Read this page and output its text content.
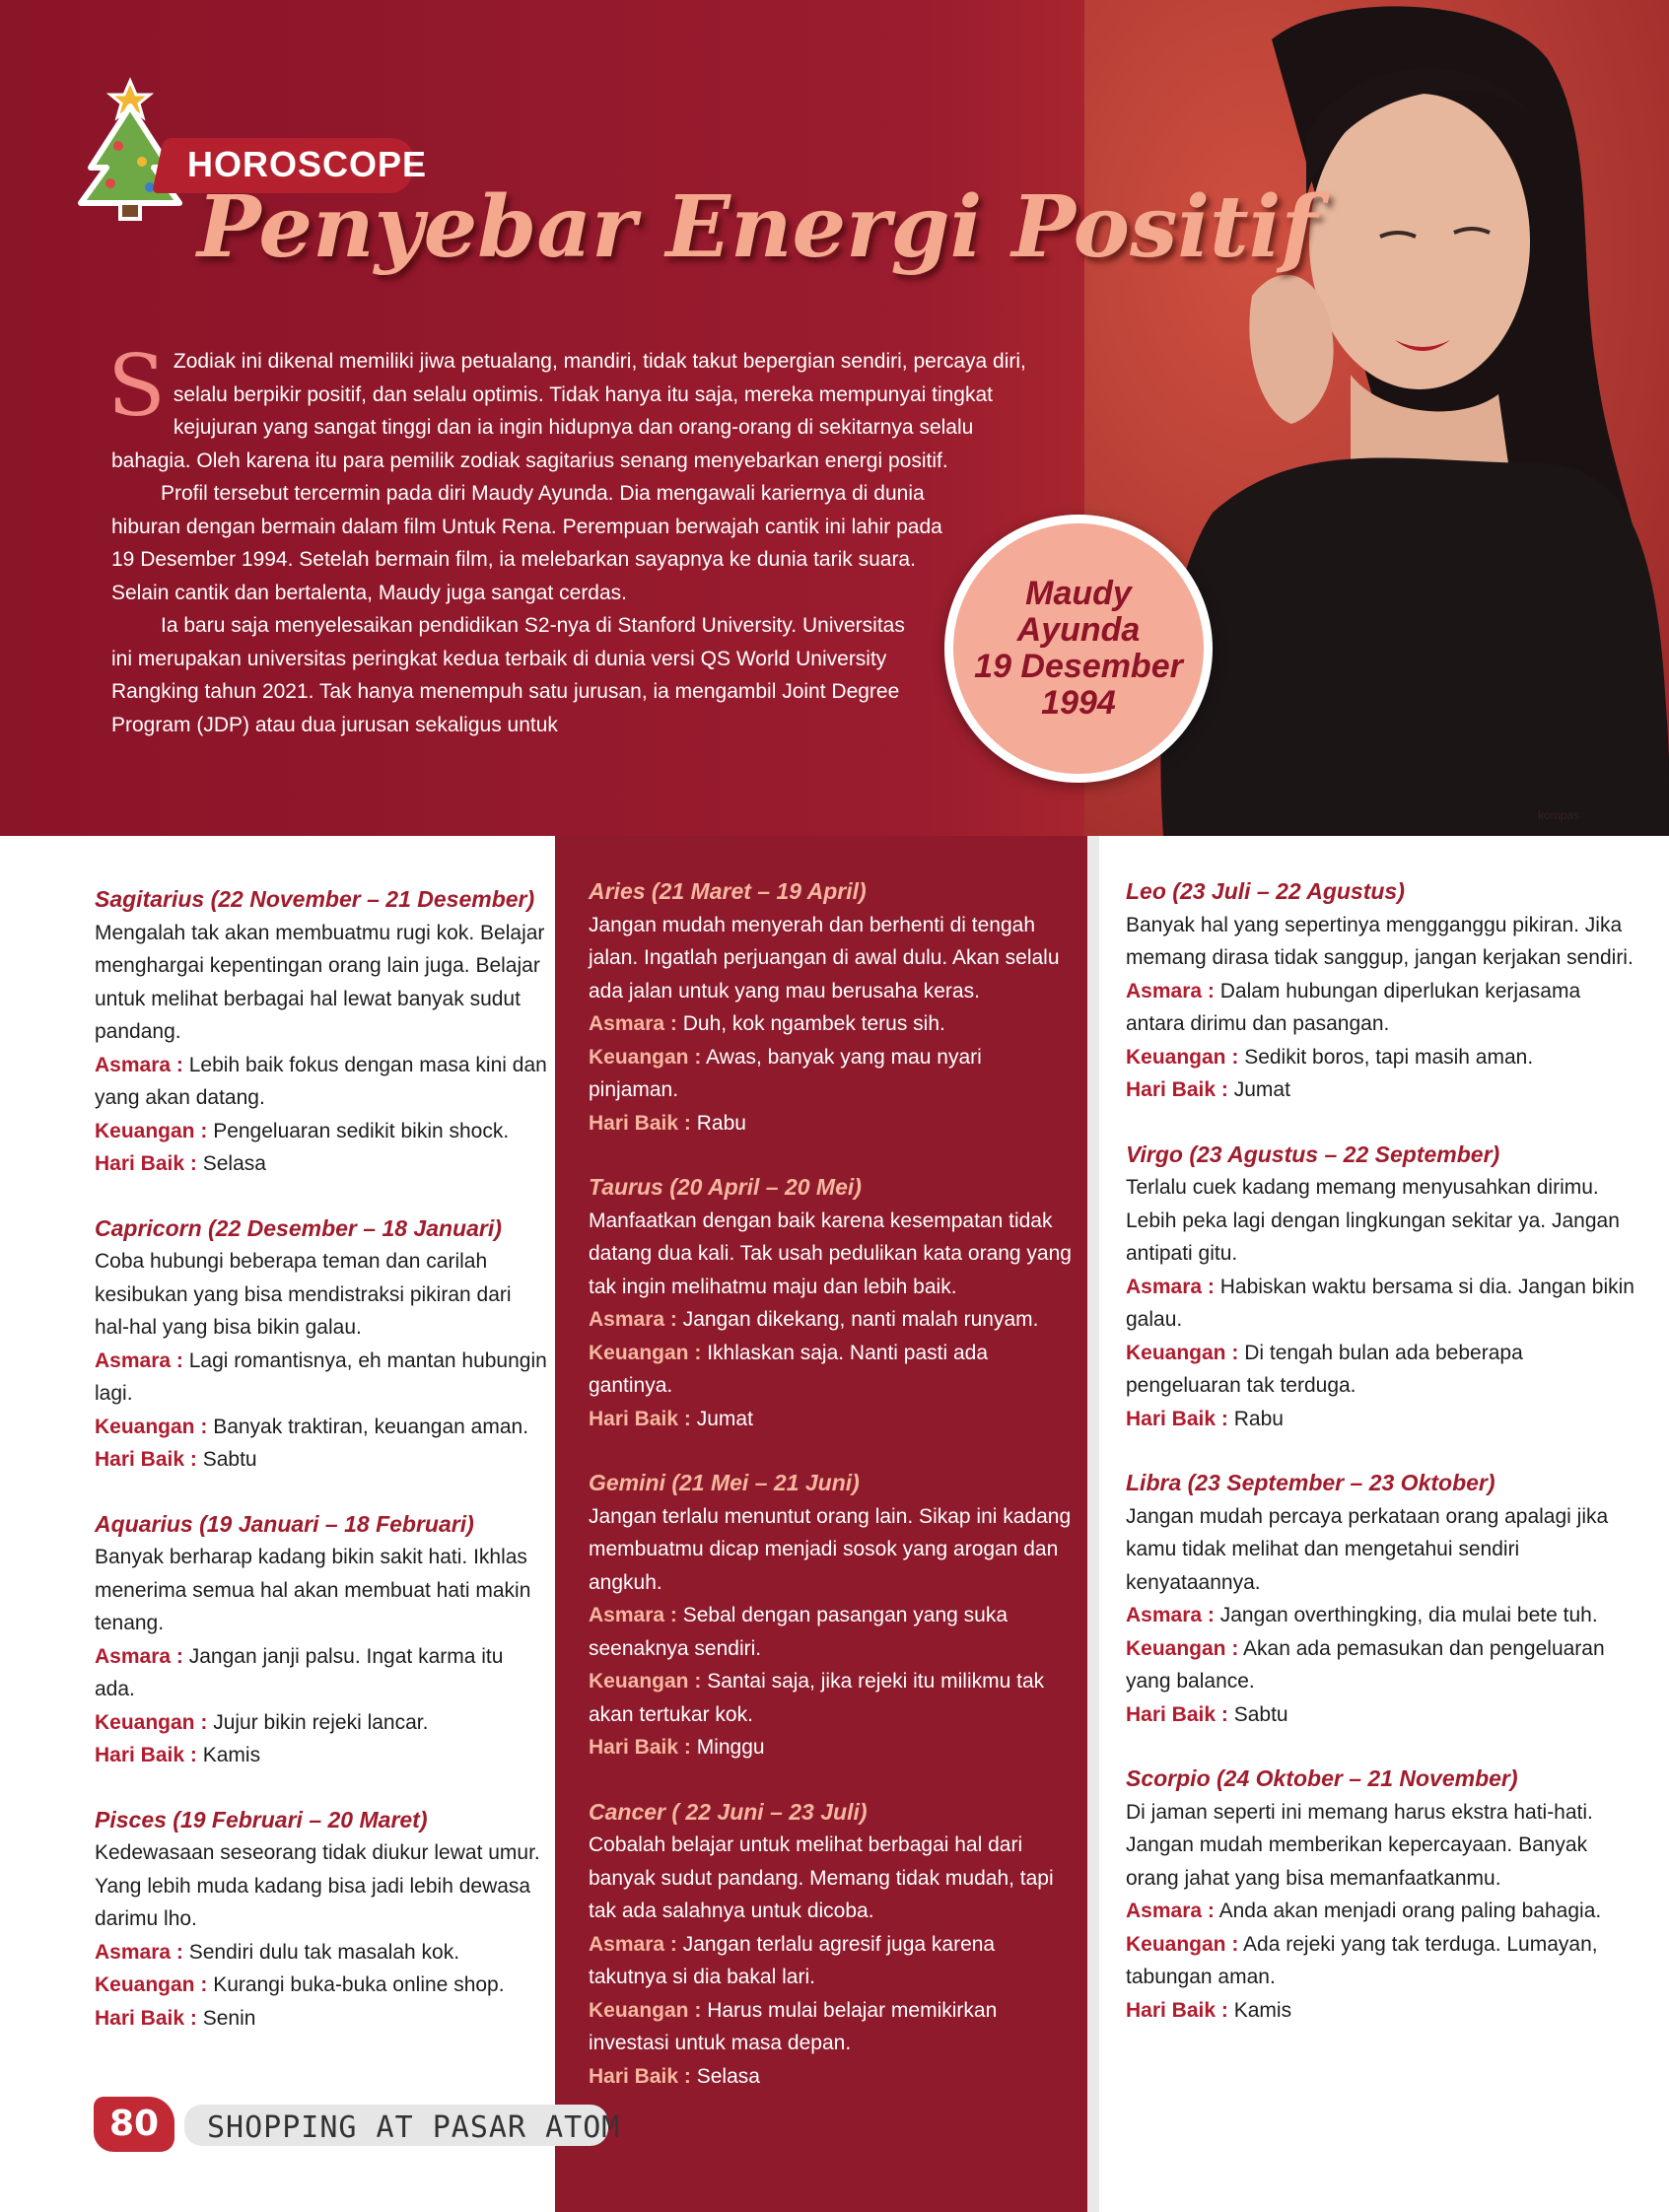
HOROSCOPE
Penyebar Energi Positif
S Zodiak ini dikenal memiliki jiwa petualang, mandiri, tidak takut bepergian sendiri, percaya diri, selalu berpikir positif, dan selalu optimis. Tidak hanya itu saja, mereka mempunyai tingkat kejujuran yang sangat tinggi dan ia ingin hidupnya dan orang-orang di sekitarnya selalu bahagia. Oleh karena itu para pemilik zodiak sagitarius senang menyebarkan energi positif.

Profil tersebut tercermin pada diri Maudy Ayunda. Dia mengawali kariernya di dunia hiburan dengan bermain dalam film Untuk Rena. Perempuan berwajah cantik ini lahir pada 19 Desember 1994. Setelah bermain film, ia melebarkan sayapnya ke dunia tarik suara. Selain cantik dan bertalenta, Maudy juga sangat cerdas.

Ia baru saja menyelesaikan pendidikan S2-nya di Stanford University. Universitas ini merupakan universitas peringkat kedua terbaik di dunia versi QS World University Rangking tahun 2021. Tak hanya menempuh satu jurusan, ia mengambil Joint Degree Program (JDP) atau dua jurusan sekaligus untuk

Maudy
Ayunda
19 Desember
1994
kompas
Sagitarius (22 November – 21 Desember)

Mengalah tak akan membuatmu rugi kok. Belajar menghargai kepentingan orang lain juga. Belajar untuk melihat berbagai hal lewat banyak sudut pandang.

Asmara : Lebih baik fokus dengan masa kini dan yang akan datang.

Keuangan : Pengeluaran sedikit bikin shock.

Hari Baik : Selasa

Capricorn (22 Desember – 18 Januari)

Coba hubungi beberapa teman dan carilah kesibukan yang bisa mendistraksi pikiran dari hal-hal yang bisa bikin galau.

Asmara : Lagi romantisnya, eh mantan hubungin lagi.

Keuangan : Banyak traktiran, keuangan aman.

Hari Baik : Sabtu

Aquarius (19 Januari – 18 Februari)

Banyak berharap kadang bikin sakit hati. Ikhlas menerima semua hal akan membuat hati makin tenang.

Asmara : Jangan janji palsu. Ingat karma itu ada.

Keuangan : Jujur bikin rejeki lancar.

Hari Baik : Kamis

Pisces (19 Februari – 20 Maret)

Kedewasaan seseorang tidak diukur lewat umur. Yang lebih muda kadang bisa jadi lebih dewasa darimu lho.

Asmara : Sendiri dulu tak masalah kok.

Keuangan : Kurangi buka-buka online shop.

Hari Baik : Senin

Aries (21 Maret – 19 April)

Jangan mudah menyerah dan berhenti di tengah jalan. Ingatlah perjuangan di awal dulu. Akan selalu ada jalan untuk yang mau berusaha keras.

Asmara : Duh, kok ngambek terus sih.

Keuangan : Awas, banyak yang mau nyari pinjaman.

Hari Baik : Rabu

Taurus (20 April – 20 Mei)

Manfaatkan dengan baik karena kesempatan tidak datang dua kali. Tak usah pedulikan kata orang yang tak ingin melihatmu maju dan lebih baik.

Asmara : Jangan dikekang, nanti malah runyam.

Keuangan : Ikhlaskan saja. Nanti pasti ada gantinya.

Hari Baik : Jumat

Gemini (21 Mei – 21 Juni)

Jangan terlalu menuntut orang lain. Sikap ini kadang membuatmu dicap menjadi sosok yang arogan dan angkuh.

Asmara : Sebal dengan pasangan yang suka seenaknya sendiri.

Keuangan : Santai saja, jika rejeki itu milikmu tak akan tertukar kok.

Hari Baik : Minggu

Cancer ( 22 Juni – 23 Juli)

Cobalah belajar untuk melihat berbagai hal dari banyak sudut pandang. Memang tidak mudah, tapi tak ada salahnya untuk dicoba.

Asmara : Jangan terlalu agresif juga karena takutnya si dia bakal lari.

Keuangan : Harus mulai belajar memikirkan investasi untuk masa depan.

Hari Baik : Selasa

Leo (23 Juli – 22 Agustus)

Banyak hal yang sepertinya mengganggu pikiran. Jika memang dirasa tidak sanggup, jangan kerjakan sendiri.

Asmara : Dalam hubungan diperlukan kerjasama antara dirimu dan pasangan.

Keuangan : Sedikit boros, tapi masih aman.

Hari Baik : Jumat

Virgo (23 Agustus – 22 September)

Terlalu cuek kadang memang menyusahkan dirimu. Lebih peka lagi dengan lingkungan sekitar ya. Jangan antipati gitu.

Asmara : Habiskan waktu bersama si dia. Jangan bikin galau.

Keuangan : Di tengah bulan ada beberapa pengeluaran tak terduga.

Hari Baik : Rabu

Libra (23 September – 23 Oktober)

Jangan mudah percaya perkataan orang apalagi jika kamu tidak melihat dan mengetahui sendiri kenyataannya.

Asmara : Jangan overthingking, dia mulai bete tuh.

Keuangan : Akan ada pemasukan dan pengeluaran yang balance.

Hari Baik : Sabtu

Scorpio (24 Oktober – 21 November)

Di jaman seperti ini memang harus ekstra hati-hati. Jangan mudah memberikan kepercayaan. Banyak orang jahat yang bisa memanfaatkanmu.

Asmara : Anda akan menjadi orang paling bahagia.

Keuangan : Ada rejeki yang tak terduga. Lumayan, tabungan aman.

Hari Baik : Kamis

80	SHOPPING AT PASAR ATOM
